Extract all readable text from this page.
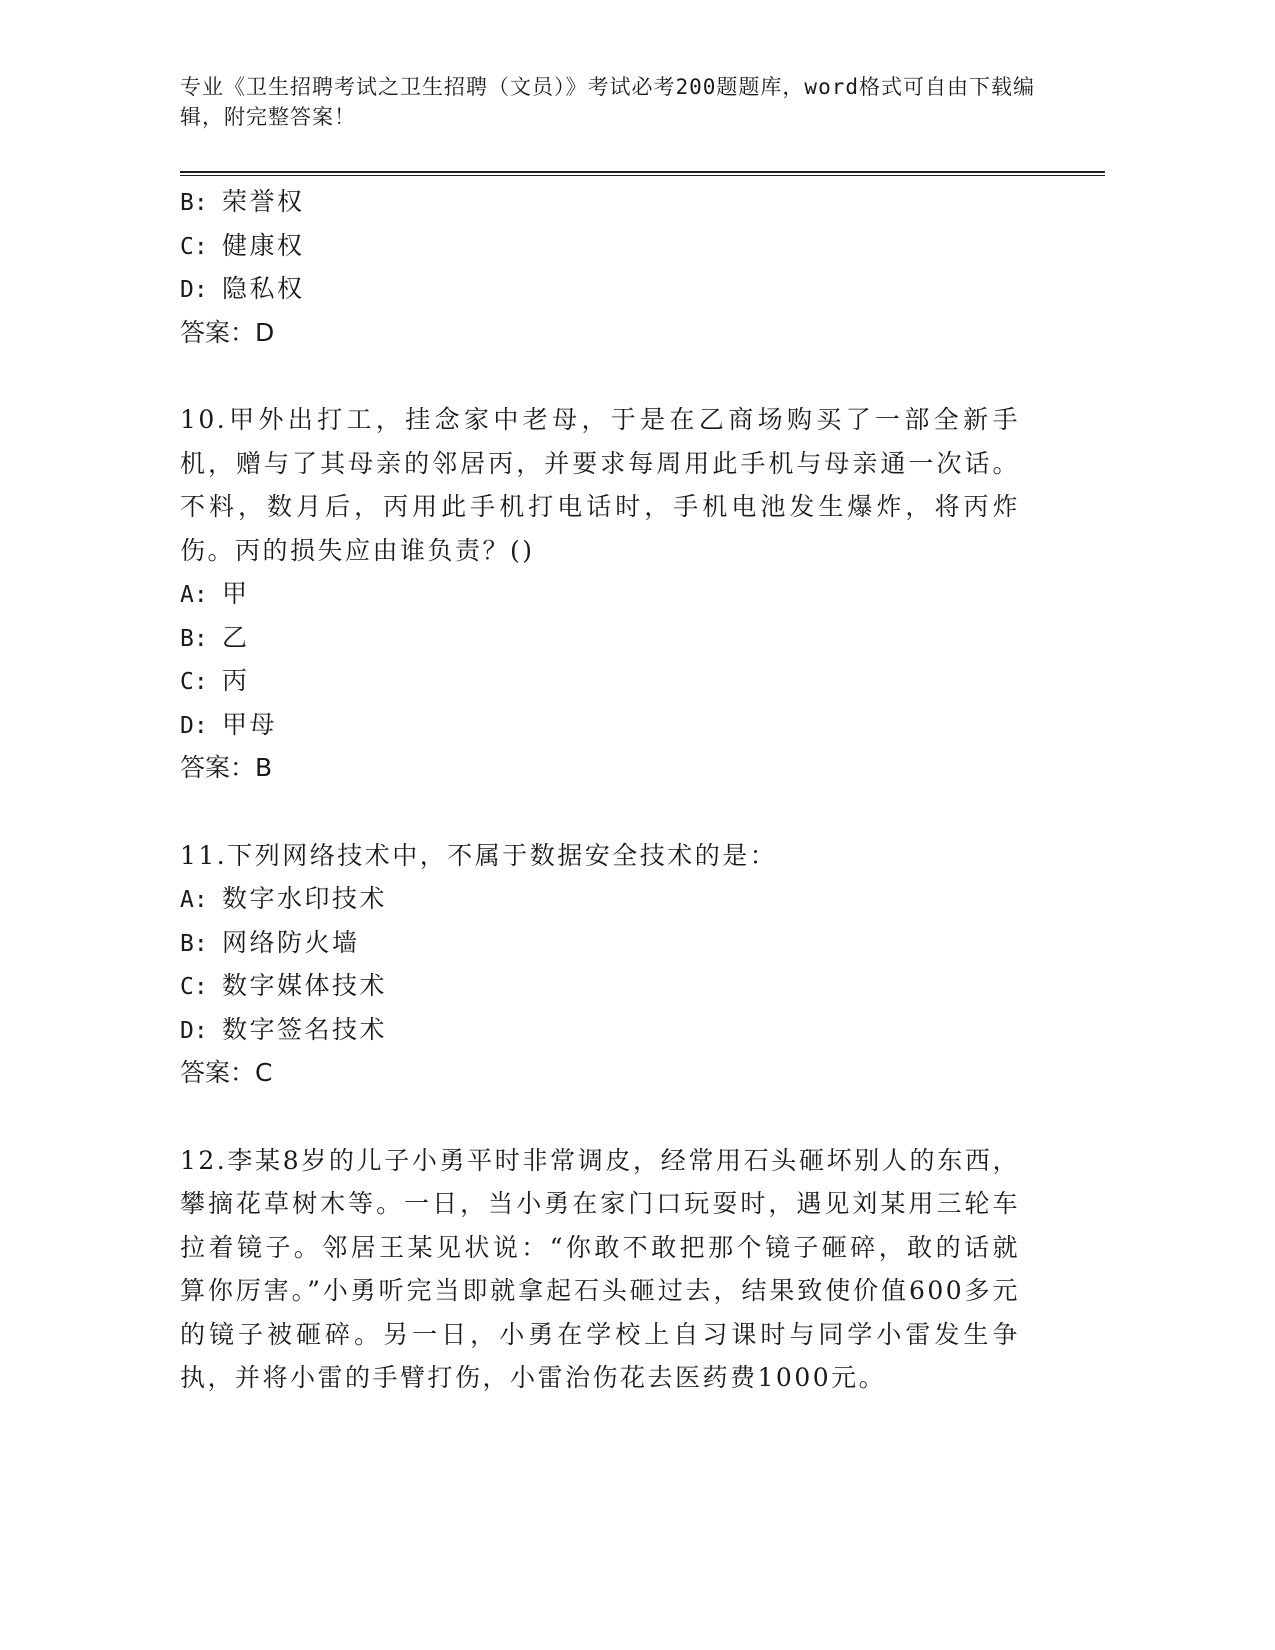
专业《卫生招聘考试之卫生招聘（文员）》考试必考200题题库，word格式可自由下载编辑，附完整答案！
B: 荣誉权
C: 健康权
D: 隐私权
答案：D
10.甲外出打工，挂念家中老母，于是在乙商场购买了一部全新手机，赠与了其母亲的邻居丙，并要求每周用此手机与母亲通一次话。不料，数月后，丙用此手机打电话时，手机电池发生爆炸，将丙炸伤。丙的损失应由谁负责？()
A: 甲
B: 乙
C: 丙
D: 甲母
答案：B
11.下列网络技术中，不属于数据安全技术的是：
A: 数字水印技术
B: 网络防火墙
C: 数字媒体技术
D: 数字签名技术
答案：C
12.李某8岁的儿子小勇平时非常调皮，经常用石头砸坏别人的东西，攀摘花草树木等。一日，当小勇在家门口玩耍时，遇见刘某用三轮车拉着镜子。邻居王某见状说：“你敢不敢把那个镜子砸碎，敢的话就算你厉害。”小勇听完当即就拿起石头砸过去，结果致使价值600多元的镜子被砸碎。另一日，小勇在学校上自习课时与同学小雷发生争执，并将小雷的手臂打伤，小雷治伤花去医药费1000元。
